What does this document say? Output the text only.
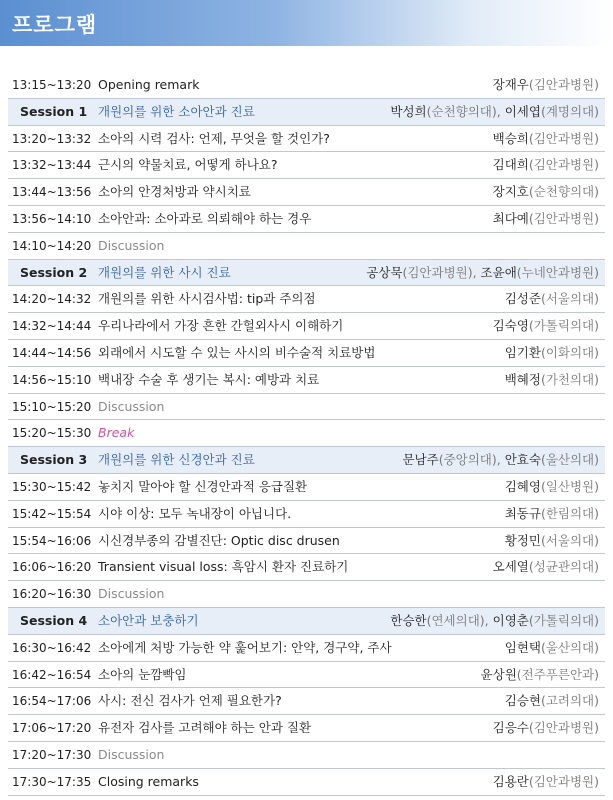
프로그램
13:15~13:20 Opening remark	장재우(김안과병원)
Session 1 개원의를 위한 소아안과 진료	박성희(순천향의대), 이세엽(계명의대)
13:20~13:32 소아의 시력 검사: 언제, 무엇을 할 것인가?	백승희(김안과병원)
13:32~13:44 근시의 약물치료, 어떻게 하나요?	김대희(김안과병원)
13:44~13:56 소아의 안경처방과 약시치료	장지호(순천향의대)
13:56~14:10 소아안과: 소아과로 의뢰해야 하는 경우	최다예(김안과병원)
14:10~14:20 Discussion
Session 2 개원의를 위한 사시 진료	공상묵(김안과병원), 조윤애(누네안과병원)
14:20~14:32 개원의를 위한 사시검사법: tip과 주의점	김성준(서울의대)
14:32~14:44 우리나라에서 가장 흔한 간헐외사시 이해하기	김숙영(가톨릭의대)
14:44~14:56 외래에서 시도할 수 있는 사시의 비수술적 치료방법	임기환(이화의대)
14:56~15:10 백내장 수술 후 생기는 복시: 예방과 치료	백혜정(가천의대)
15:10~15:20 Discussion
15:20~15:30 Break
Session 3 개원의를 위한 신경안과 진료	문남주(중앙의대), 안효숙(울산의대)
15:30~15:42 놓치지 말아야 할 신경안과적 응급질환	김혜영(일산병원)
15:42~15:54 시야 이상: 모두 녹내장이 아닙니다.	최동규(한림의대)
15:54~16:06 시신경부종의 감별진단: Optic disc drusen	황정민(서울의대)
16:06~16:20 Transient visual loss: 흑암시 환자 진료하기	오세열(성균관의대)
16:20~16:30 Discussion
Session 4 소아안과 보충하기	한승한(연세의대), 이영춘(가톨릭의대)
16:30~16:42 소아에게 처방 가능한 약 훑어보기: 안약, 경구약, 주사	임현택(울산의대)
16:42~16:54 소아의 눈깜빡임	윤상원(전주푸른안과)
16:54~17:06 사시: 전신 검사가 언제 필요한가?	김승현(고려의대)
17:06~17:20 유전자 검사를 고려해야 하는 안과 질환	김응수(김안과병원)
17:20~17:30 Discussion
17:30~17:35 Closing remarks	김용란(김안과병원)
